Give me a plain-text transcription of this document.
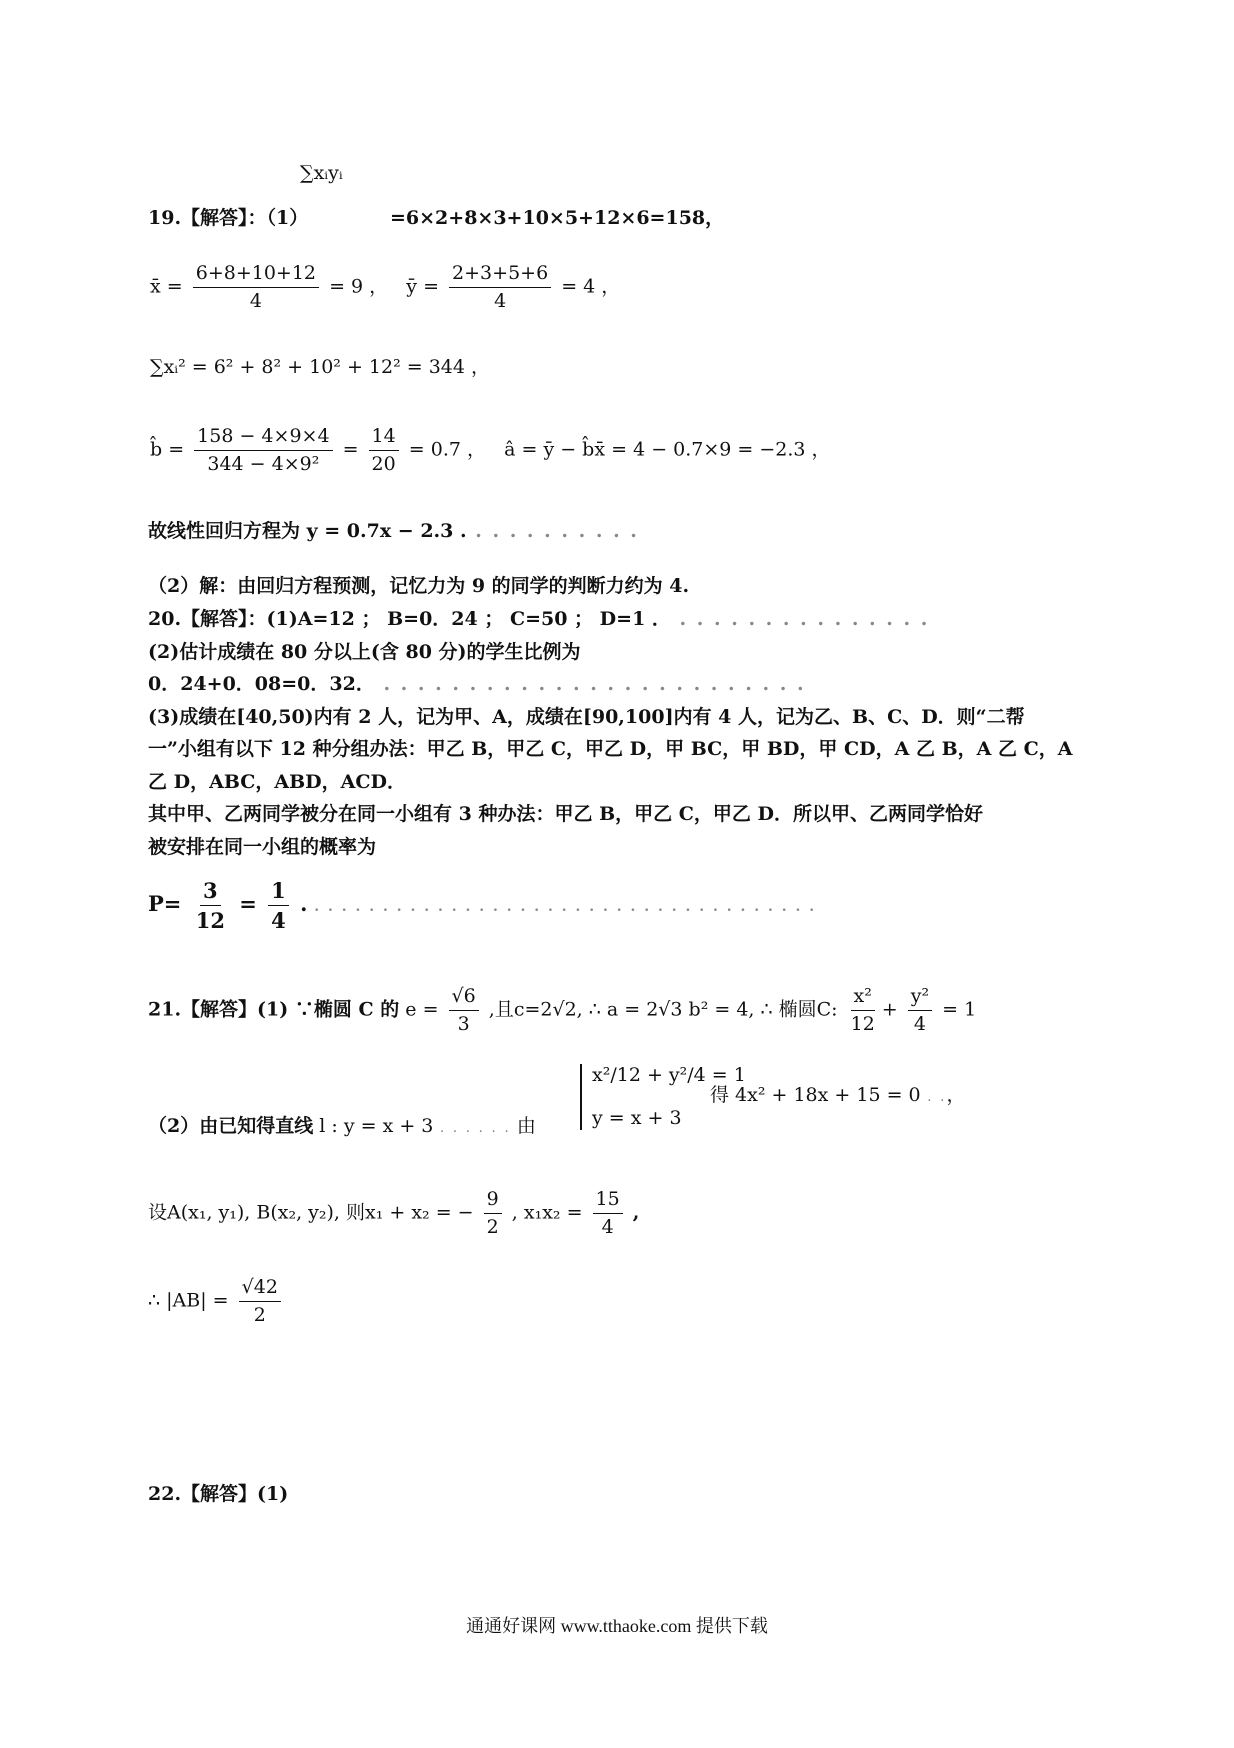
∑xᵢyᵢ
19.【解答】：（1）	=6×2+8×3+10×5+12×6=158，
x̄ = $\frac{6+8+10+12}{4} = 9$ ， ȳ = $\frac{2+3+5+6}{4} = 4$ ，
∑xᵢ² = 6² + 8² + 10² + 12² = 344 ，
b̂ = $\frac{158 - 4\times 9\times 4}{\text{344 − 4×9²}} = \frac{14}{20} = 0.7$ ， â = ȳ − b̂x̄ = 4 − 0.7×9 = −2.3 ，
故线性回归方程为 y = 0.7x − 2.3 . . . . . . . . . . .
（2）解：由回归方程预测，记忆力为 9 的同学的判断力约为 4.
20.【解答】：(1)A=12 ； B=0．24 ； C=50 ； D=1 ． . . . . . . . . . . . . . . .
(2)估计成绩在 80 分以上(含 80 分)的学生比例为
0．24+0．08=0．32． . . . . . . . . . . . . . . . . . . . . . . . . .
(3)成绩在[40,50)内有 2 人，记为甲、A，成绩在[90,100]内有 4 人，记为乙、B、C、D．则“二帮
一”小组有以下 12 种分组办法：甲乙 B，甲乙 C，甲乙 D，甲 BC，甲 BD，甲 CD，A 乙 B，A 乙 C，A
乙 D，ABC，ABD，ACD．
其中甲、乙两同学被分在同一小组有 3 种办法：甲乙 B，甲乙 C，甲乙 D．所以甲、乙两同学恰好
被安排在同一小组的概率为
$P= \frac{3}{12} = \frac{1}{4}$ . . . . . . . . . . . . . . . . . . . . . . . . . . . . . . . . . . . . . .
21.【解答】(1) ∵椭圆 C 的 $e = \frac{√6}{3}$ ,且c=2√2, ∴ a = 2√3 b² = 4, ∴ 椭圆C: $\frac{\text{x²}}{12} + \frac{\text{y²}}{4} = 1$
（2）由已知得直线 l : y = x + 3 . . . . . . 由
x²/12 + y²/4 = 1
y = x + 3
得 4x² + 18x + 15 = 0 . .，
设A(x₁, y₁), B(x₂, y₂), 则x₁ + x₂ = − $\frac{9}{2}$ , $x_1x_2 = \frac{15}{4}$ ,
∴ $|AB| = \frac{√42}{2}$
22.【解答】(1)
通通好课网 www.tthaoke.com 提供下载
